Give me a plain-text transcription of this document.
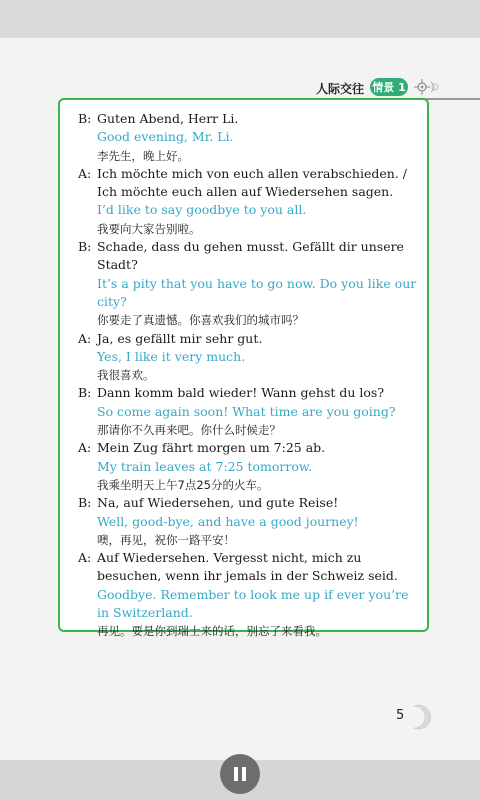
人际交往 情景 1
B: Guten Abend, Herr Li.
Good evening, Mr. Li.
李先生，晚上好。
A: Ich möchte mich von euch allen verabschieden. / Ich möchte euch allen auf Wiedersehen sagen.
I’d like to say goodbye to you all.
我要向大家告别啦。
B: Schade, dass du gehen musst. Gefällt dir unsere Stadt?
It’s a pity that you have to go now. Do you like our city?
你要走了真遗憾。你喜欢我们的城市吗？
A: Ja, es gefällt mir sehr gut.
Yes, I like it very much.
我很喜欢。
B: Dann komm bald wieder! Wann gehst du los?
So come again soon! What time are you going?
那请你不久再来吧。你什么时候走？
A: Mein Zug fährt morgen um 7:25 ab.
My train leaves at 7:25 tomorrow.
我乘坐明天上午7点25分的火车。
B: Na, auf Wiedersehen, und gute Reise!
Well, good-bye, and have a good journey!
噢，再见，祝你一路平安！
A: Auf Wiedersehen. Vergesst nicht, mich zu besuchen, wenn ihr jemals in der Schweiz seid.
Goodbye. Remember to look me up if ever you’re in Switzerland.
再见。要是你到瑞士来的话，别忘了来看我。
5
